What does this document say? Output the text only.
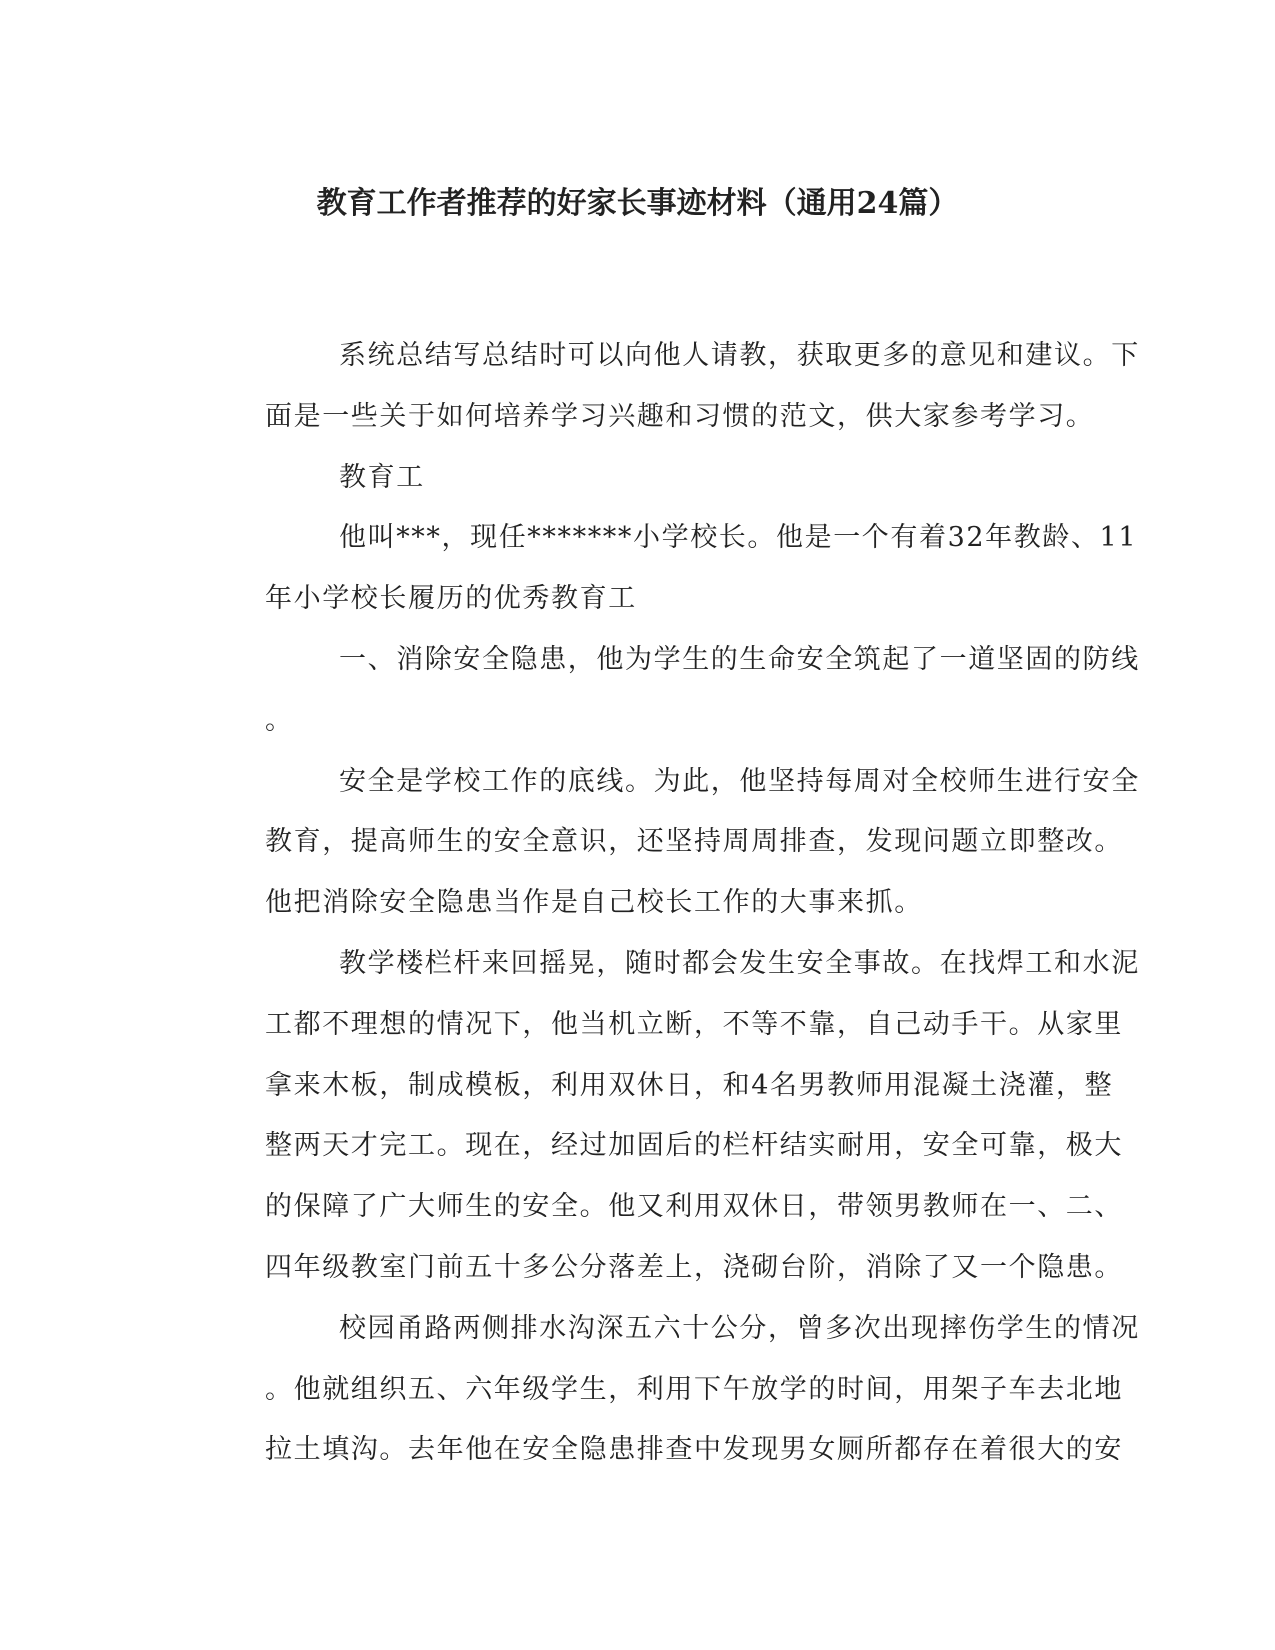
教育工作者推荐的好家长事迹材料（通用24篇）

系统总结写总结时可以向他人请教，获取更多的意见和建议。下
面是一些关于如何培养学习兴趣和习惯的范文，供大家参考学习。

教育工

他叫***，现任*******小学校长。他是一个有着32年教龄、11
年小学校长履历的优秀教育工

一、消除安全隐患，他为学生的生命安全筑起了一道坚固的防线
。

安全是学校工作的底线。为此，他坚持每周对全校师生进行安全
教育，提高师生的安全意识，还坚持周周排查，发现问题立即整改。
他把消除安全隐患当作是自己校长工作的大事来抓。

教学楼栏杆来回摇晃，随时都会发生安全事故。在找焊工和水泥
工都不理想的情况下，他当机立断，不等不靠，自己动手干。从家里
拿来木板，制成模板，利用双休日，和4名男教师用混凝土浇灌，整
整两天才完工。现在，经过加固后的栏杆结实耐用，安全可靠，极大
的保障了广大师生的安全。他又利用双休日，带领男教师在一、二、
四年级教室门前五十多公分落差上，浇砌台阶，消除了又一个隐患。

校园甬路两侧排水沟深五六十公分，曾多次出现摔伤学生的情况
。他就组织五、六年级学生，利用下午放学的时间，用架子车去北地
拉土填沟。去年他在安全隐患排查中发现男女厕所都存在着很大的安
